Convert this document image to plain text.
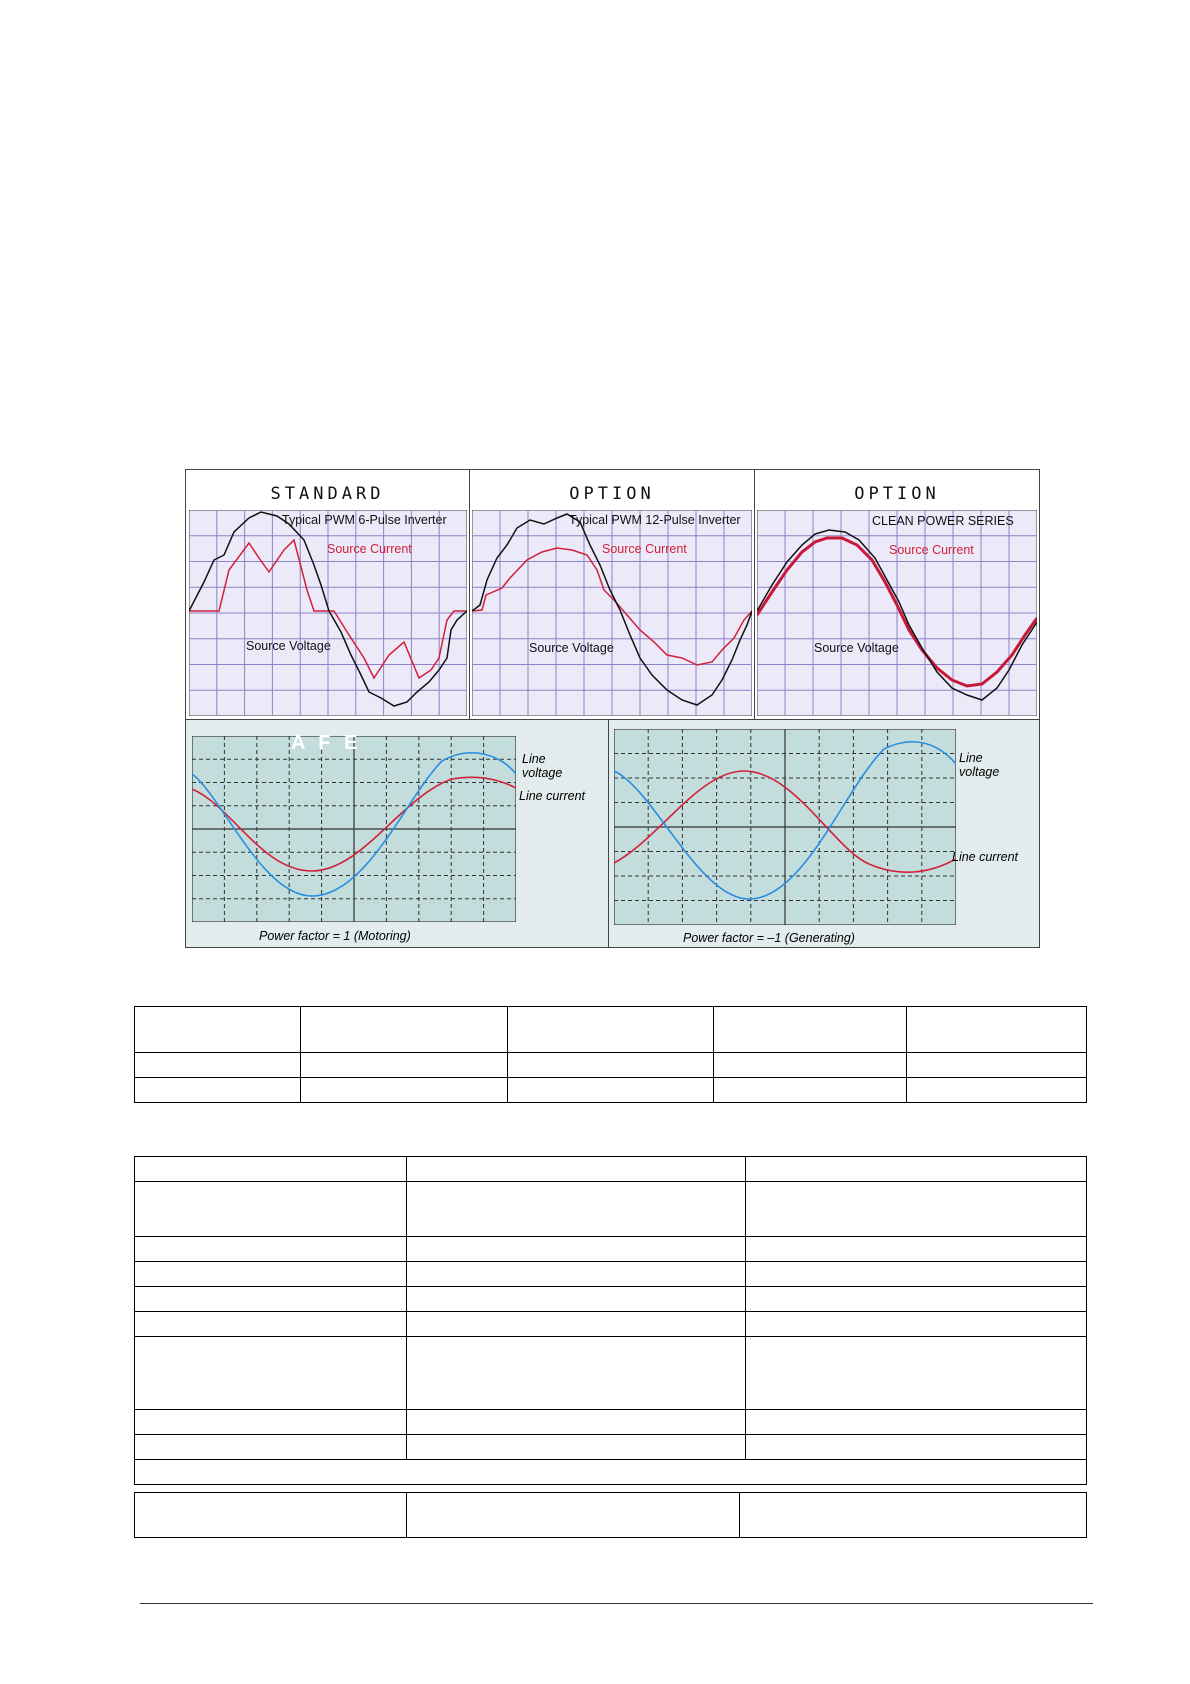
STANDARD
Typical PWM 6-Pulse Inverter
Source Current
Source Voltage
OPTION
Typical PWM 12-Pulse Inverter
Source Current
Source Voltage
OPTION
CLEAN POWER SERIES
Source Current
Source Voltage
A F E
Line
voltage
Line current
Power factor = 1 (Motoring)
Line
voltage
Line current
Power factor = –1 (Generating)
